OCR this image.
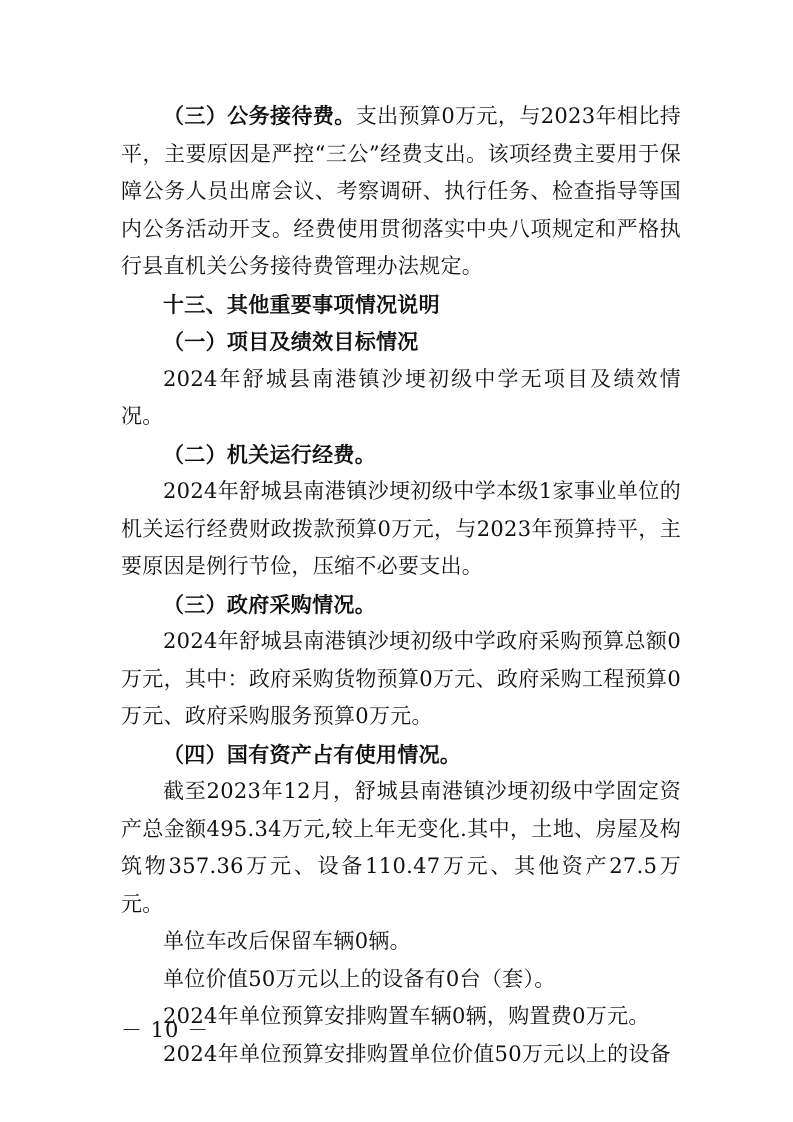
（三）公务接待费。支出预算0万元，与2023年相比持平，主要原因是严控“三公”经费支出。该项经费主要用于保障公务人员出席会议、考察调研、执行任务、检查指导等国内公务活动开支。经费使用贯彻落实中央八项规定和严格执行县直机关公务接待费管理办法规定。

十三、其他重要事项情况说明

（一）项目及绩效目标情况

2024年舒城县南港镇沙埂初级中学无项目及绩效情况。

（二）机关运行经费。

2024年舒城县南港镇沙埂初级中学本级1家事业单位的机关运行经费财政拨款预算0万元，与2023年预算持平，主要原因是例行节俭，压缩不必要支出。

（三）政府采购情况。

2024年舒城县南港镇沙埂初级中学政府采购预算总额0万元，其中：政府采购货物预算0万元、政府采购工程预算0万元、政府采购服务预算0万元。

（四）国有资产占有使用情况。

截至2023年12月，舒城县南港镇沙埂初级中学固定资产总金额495.34万元,较上年无变化.其中，土地、房屋及构筑物357.36万元、设备110.47万元、其他资产27.5万元。

单位车改后保留车辆0辆。

单位价值50万元以上的设备有0台（套）。

2024年单位预算安排购置车辆0辆，购置费0万元。

2024年单位预算安排购置单位价值50万元以上的设备

－ 10 －
